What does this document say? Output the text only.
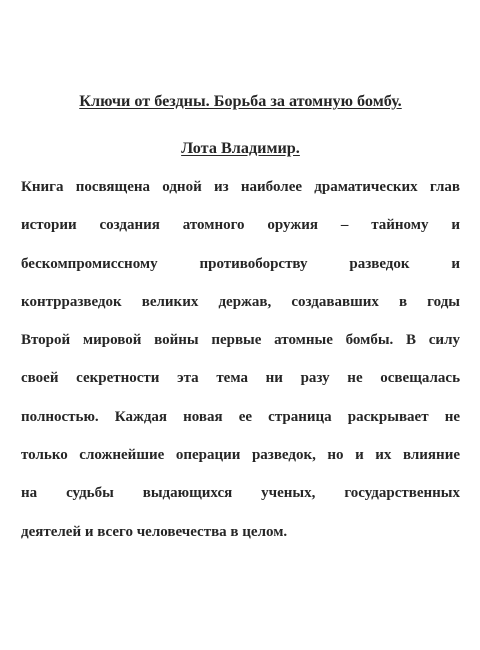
Ключи от бездны. Борьба за атомную бомбу.
Лота Владимир.
Книга посвящена одной из наиболее драматических глав
истории создания атомного оружия – тайному и
бескомпромиссному противоборству разведок и
контрразведок великих держав, создававших в годы
Второй мировой войны первые атомные бомбы. В силу
своей секретности эта тема ни разу не освещалась
полностью. Каждая новая ее страница раскрывает не
только сложнейшие операции разведок, но и их влияние
на судьбы выдающихся ученых, государственных
деятелей и всего человечества в целом.
